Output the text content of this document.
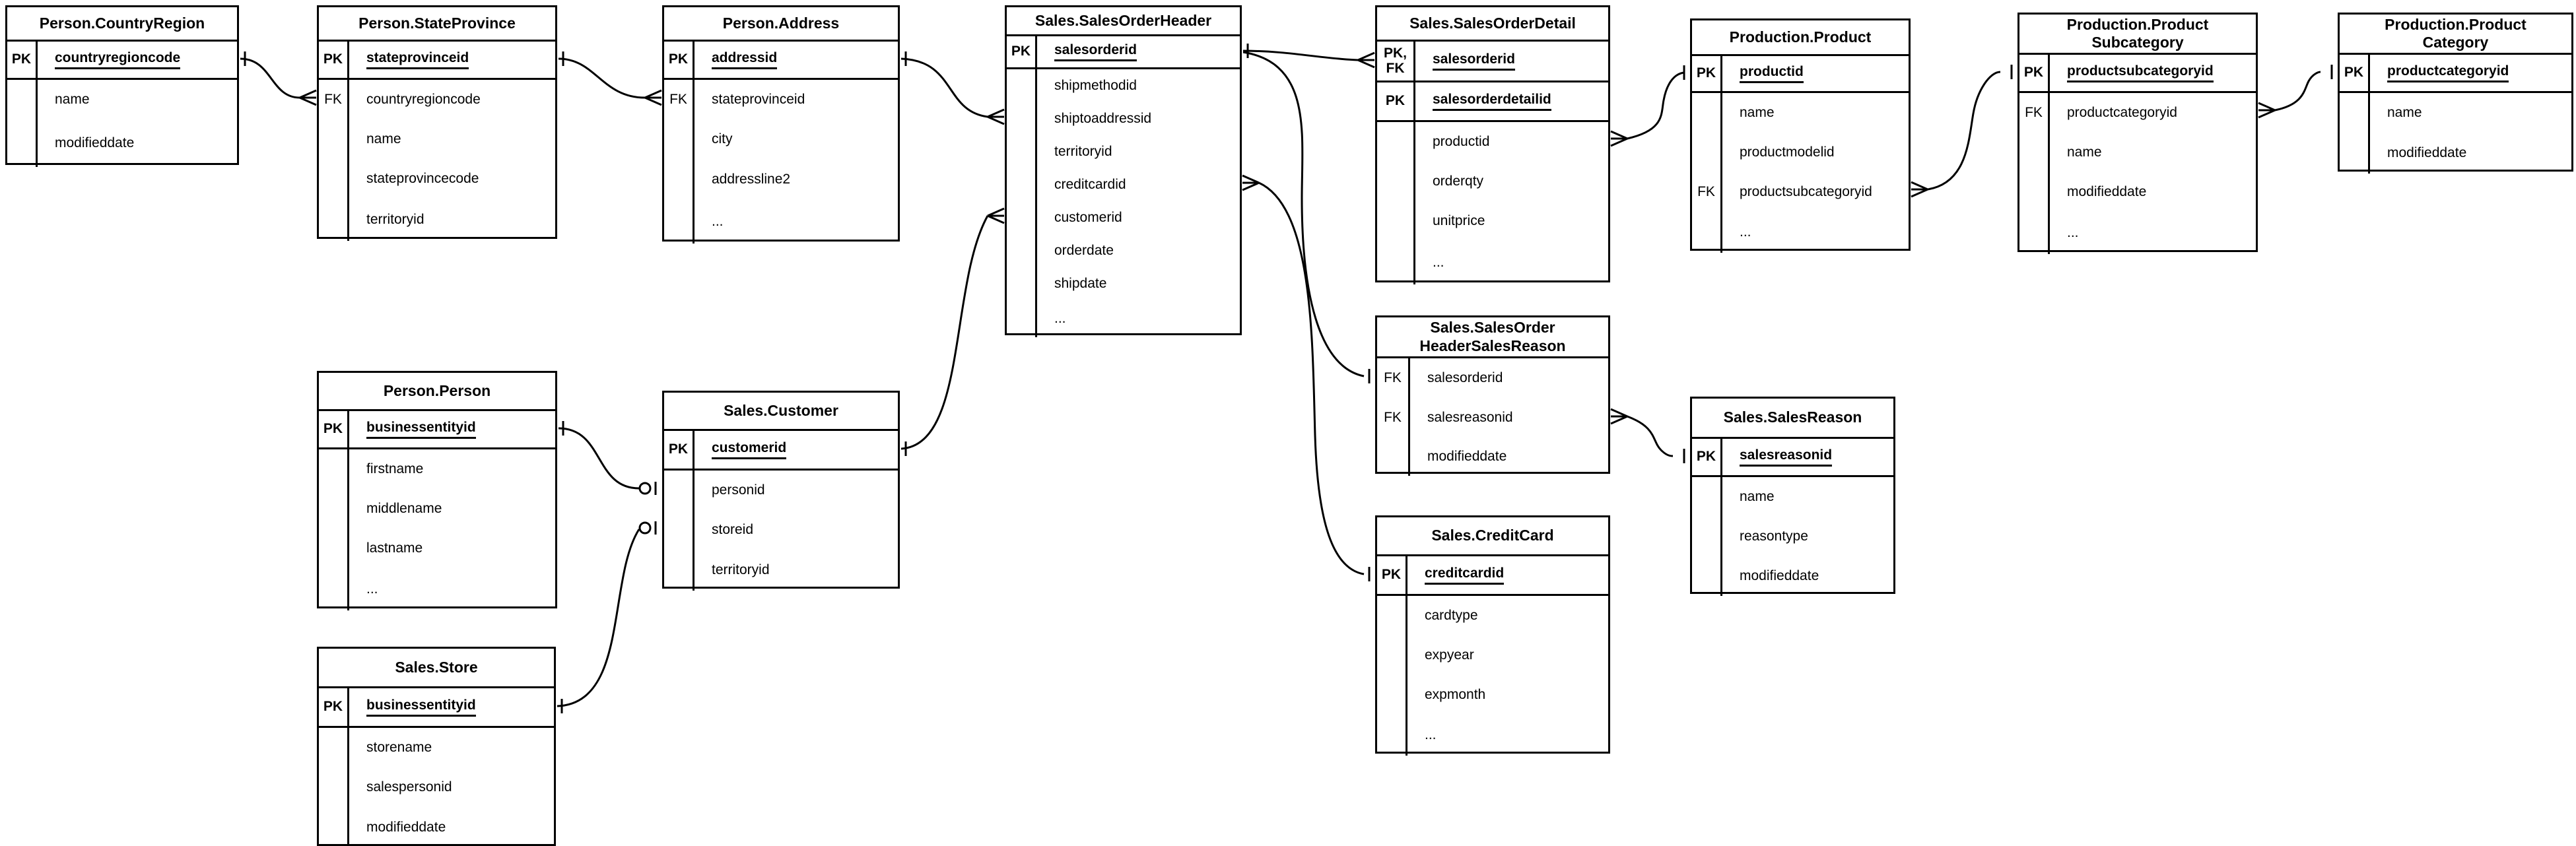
Person.CountryRegion
PK countryregioncode
name
modifieddate
Person.StateProvince
PK stateprovinceid
FK countryregioncode
name
stateprovincecode
territoryid
Person.Address
PK addressid
FK stateprovinceid
city
addressline2
...
Sales.SalesOrderHeader
PK salesorderid
shipmethodid
shiptoaddressid
territoryid
creditcardid
customerid
orderdate
shipdate
...
Sales.SalesOrderDetail
PK,
FK
salesorderid
PK salesorderdetailid
productid
orderqty
unitprice
...
Production.Product
PK productid
name
productmodelid
FK productsubcategoryid
...
Production.Product
Subcategory
PK productsubcategoryid
FK productcategoryid
name
modifieddate
...
Production.Product
Category
PK productcategoryid
name
modifieddate
Person.Person
PK businessentityid
firstname
middlename
lastname
...
Sales.Customer
PK customerid
personid
storeid
territoryid
Sales.Store
PK businessentityid
storename
salespersonid
modifieddate
Sales.SalesOrder
HeaderSalesReason
FK salesorderid
FK salesreasonid
modifieddate
Sales.CreditCard
PK creditcardid
cardtype
expyear
expmonth
...
Sales.SalesReason
PK salesreasonid
name
reasontype
modifieddate
